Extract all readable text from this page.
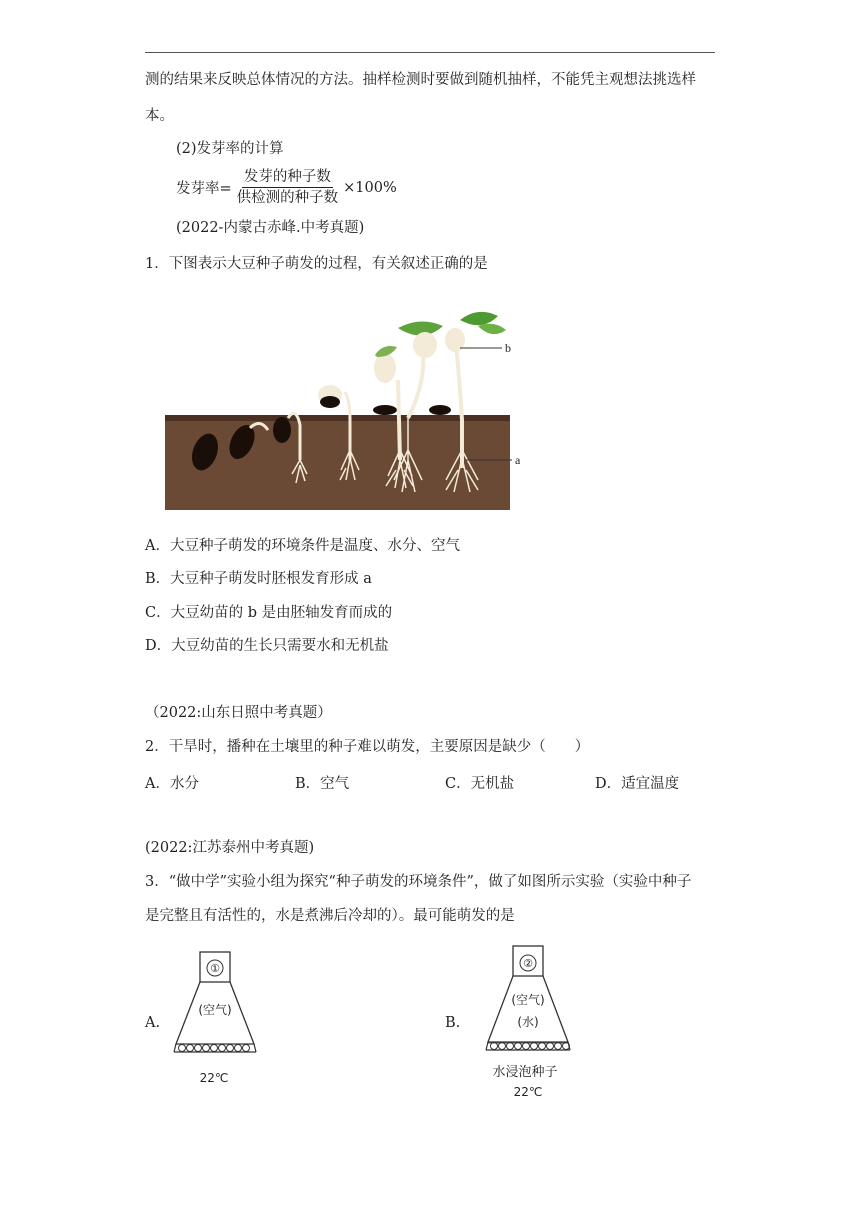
测的结果来反映总体情况的方法。抽样检测时要做到随机抽样，不能凭主观想法挑选样
本。
(2)发芽率的计算
发芽率= $\frac{\text{发芽的种子数}}{\text{供检测的种子数}} \times 100\%$
(2022-内蒙古赤峰.中考真题)
1．下图表示大豆种子萌发的过程，有关叙述正确的是
b
a
A．大豆种子萌发的环境条件是温度、水分、空气
B．大豆种子萌发时胚根发育形成 a
C．大豆幼苗的 b 是由胚轴发育而成的
D．大豆幼苗的生长只需要水和无机盐
（2022:山东日照中考真题）
2．干旱时，播种在土壤里的种子难以萌发，主要原因是缺少（　　）
A．水分	B．空气	C．无机盐	D．适宜温度
(2022:江苏泰州中考真题)
3．“做中学”实验小组为探究“种子萌发的环境条件”，做了如图所示实验（实验中种子
是完整且有活性的，水是煮沸后冷却的）。最可能萌发的是
A.
①
(空气)
22℃
B.
②
(空气)
(水)
水浸泡种子
22℃
